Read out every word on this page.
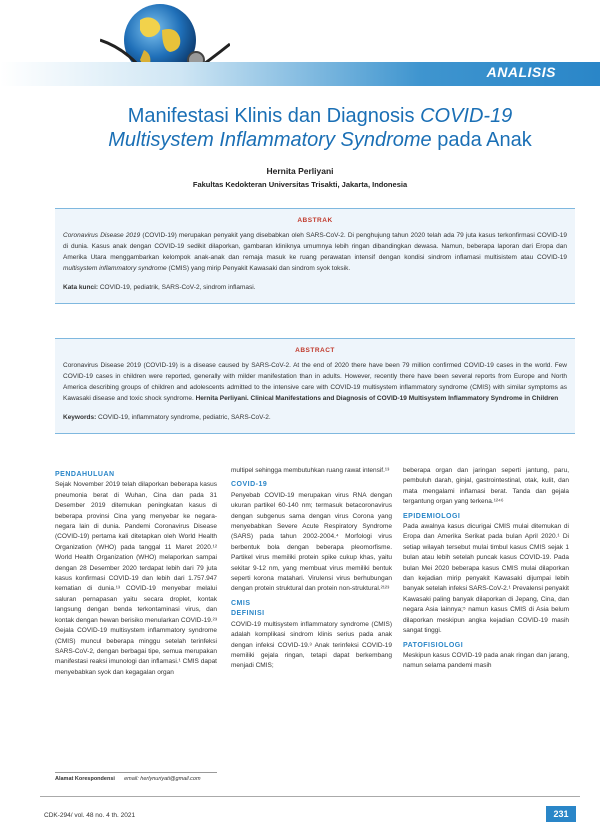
ANALISIS
Manifestasi Klinis dan Diagnosis COVID-19
Multisystem Inflammatory Syndrome pada Anak
Hernita Perliyani
Fakultas Kedokteran Universitas Trisakti, Jakarta, Indonesia
ABSTRAK

Coronavirus Disease 2019 (COVID-19) merupakan penyakit yang disebabkan oleh SARS-CoV-2. Di penghujung tahun 2020 telah ada 79 juta kasus terkonfirmasi COVID-19 di dunia. Kasus anak dengan COVID-19 sedikit dilaporkan, gambaran kliniknya umumnya lebih ringan dibandingkan dewasa. Namun, beberapa laporan dari Eropa dan Amerika Utara menggambarkan kelompok anak-anak dan remaja masuk ke ruang perawatan intensif dengan kondisi sindrom inflamasi multisistem atau COVID-19 multisystem inflammatory syndrome (CMIS) yang mirip Penyakit Kawasaki dan sindrom syok toksik.

Kata kunci: COVID-19, pediatrik, SARS-CoV-2, sindrom inflamasi.

ABSTRACT

Coronavirus Disease 2019 (COVID-19) is a disease caused by SARS-CoV-2. At the end of 2020 there have been 79 million confirmed COVID-19 cases in the world. Few COVID-19 cases in children were reported, generally with milder manifestation than in adults. However, recently there have been several reports from Europe and North America describing groups of children and adolescents admitted to the intensive care with COVID-19 multisystem inflammatory syndrome (CMIS) with similar symptoms as Kawasaki disease and toxic shock syndrome. Hernita Perliyani. Clinical Manifestations and Diagnosis of COVID-19 Multisystem Inflammatory Syndrome in Children

Keywords: COVID-19, inflammatory syndrome, pediatric, SARS-CoV-2.

PENDAHULUAN

Sejak November 2019 telah dilaporkan beberapa kasus pneumonia berat di Wuhan, Cina dan pada 31 Desember 2019 ditemukan peningkatan kasus di beberapa provinsi Cina yang menyebar ke negara-negara lain di dunia. Pandemi Coronavirus Disease (COVID-19) pertama kali ditetapkan oleh World Health Organization (WHO) pada tanggal 11 Maret 2020.¹² World Health Organization (WHO) melaporkan sampai dengan 28 Desember 2020 terdapat lebih dari 79 juta kasus konfirmasi COVID-19 dan lebih dari 1.757.947 kematian di dunia.¹³ COVID-19 menyebar melalui saluran pernapasan yaitu secara droplet, kontak langsung dengan benda terkontaminasi virus, dan kontak dengan hewan berisiko menularkan COVID-19.²³ Gejala COVID-19 multisystem inflammatory syndrome (CMIS) muncul beberapa minggu setelah terinfeksi SARS-CoV-2, dengan berbagai tipe, semua merupakan manifestasi reaksi imunologi dan inflamasi.¹ CMIS dapat menyebabkan syok dan kegagalan organ

multipel sehingga membutuhkan ruang rawat intensif.¹³

COVID-19

Penyebab COVID-19 merupakan virus RNA dengan ukuran partikel 60-140 nm; termasuk betacoronavirus dengan subgenus sama dengan virus Corona yang menyebabkan Severe Acute Respiratory Syndrome (SARS) pada tahun 2002-2004.⁴ Morfologi virus berbentuk bola dengan beberapa pleomorfisme. Partikel virus memiliki protein spike cukup khas, yaitu sekitar 9-12 nm, yang membuat virus memiliki bentuk seperti korona matahari. Virulensi virus berhubungan dengan protein struktural dan protein non-struktural.²¹²³

CMIS
DEFINISI

COVID-19 multisystem inflammatory syndrome (CMIS) adalah komplikasi sindrom klinis serius pada anak dengan infeksi COVID-19.³ Anak terinfeksi COVID-19 memiliki gejala ringan, tetapi dapat berkembang menjadi CMIS;

beberapa organ dan jaringan seperti jantung, paru, pembuluh darah, ginjal, gastrointestinal, otak, kulit, dan mata mengalami inflamasi berat. Tanda dan gejala tergantung organ yang terkena.¹²⁴⁶

EPIDEMIOLOGI

Pada awalnya kasus dicurigai CMIS mulai ditemukan di Eropa dan Amerika Serikat pada bulan April 2020.¹ Di setiap wilayah tersebut mulai timbul kasus CMIS sejak 1 bulan atau lebih setelah puncak kasus COVID-19. Pada bulan Mei 2020 beberapa kasus CMIS mulai dilaporkan dan kejadian mirip penyakit Kawasaki dijumpai lebih banyak setelah infeksi SARS-CoV-2.¹ Prevalensi penyakit Kawasaki paling banyak dilaporkan di Jepang, Cina, dan negara Asia lainnya;⁵ namun kasus CMIS di Asia belum dilaporkan meskipun angka kejadian COVID-19 masih sangat tinggi.

PATOFISIOLOGI

Meskipun kasus COVID-19 pada anak ringan dan jarang, namun selama pandemi masih

Alamat Korespondensi email: herlynuriyati@gmail.com
CDK-294/ vol. 48 no. 4 th. 2021	231
